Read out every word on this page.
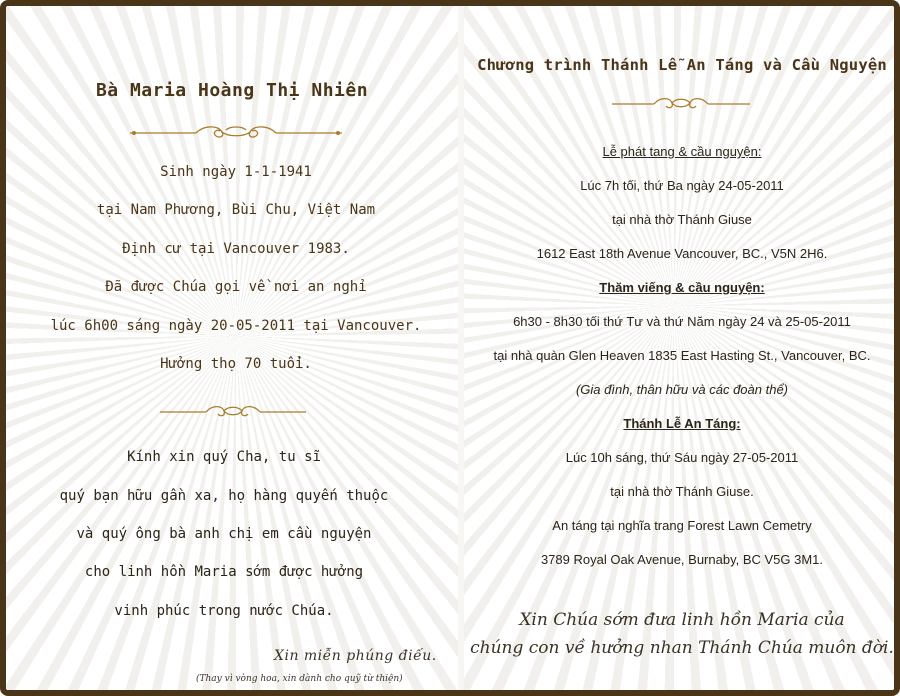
Bà Maria Hoàng Thị Nhiên
Sinh ngày 1-1-1941
tại Nam Phương, Bùi Chu, Việt Nam
Định cư tại Vancouver 1983.
Đã được Chúa gọi về nơi an nghỉ
lúc 6h00 sáng ngày 20-05-2011 tại Vancouver.
Hưởng thọ 70 tuổi.
Kính xin quý Cha, tu sĩ
quý bạn hữu gần xa, họ hàng quyến thuộc
và quý ông bà anh chị em cầu nguyện
cho linh hồn Maria sớm được hưởng
vinh phúc trong nước Chúa.
Xin miễn phúng điếu.
(Thay vì vòng hoa, xin dành cho quỹ từ thiện)
Chương trình Thánh Lễ An Táng và Cầu Nguyện
Lễ phát tang & cầu nguyện:
Lúc 7h tối, thứ Ba ngày 24-05-2011
tại nhà thờ Thánh Giuse
1612 East 18th Avenue Vancouver, BC., V5N 2H6.
Thăm viếng & cầu nguyện:
6h30 - 8h30 tối thứ Tư và thứ Năm ngày 24 và 25-05-2011
tại nhà quàn Glen Heaven 1835 East Hasting St., Vancouver, BC.
(Gia đình, thân hữu và các đoàn thể)
Thánh Lễ An Táng:
Lúc 10h sáng, thứ Sáu ngày 27-05-2011
tại nhà thờ Thánh Giuse.
An táng tại nghĩa trang Forest Lawn Cemetry
3789 Royal Oak Avenue, Burnaby, BC V5G 3M1.
Xin Chúa sớm đưa linh hồn Maria của
chúng con về hưởng nhan Thánh Chúa muôn đời.
